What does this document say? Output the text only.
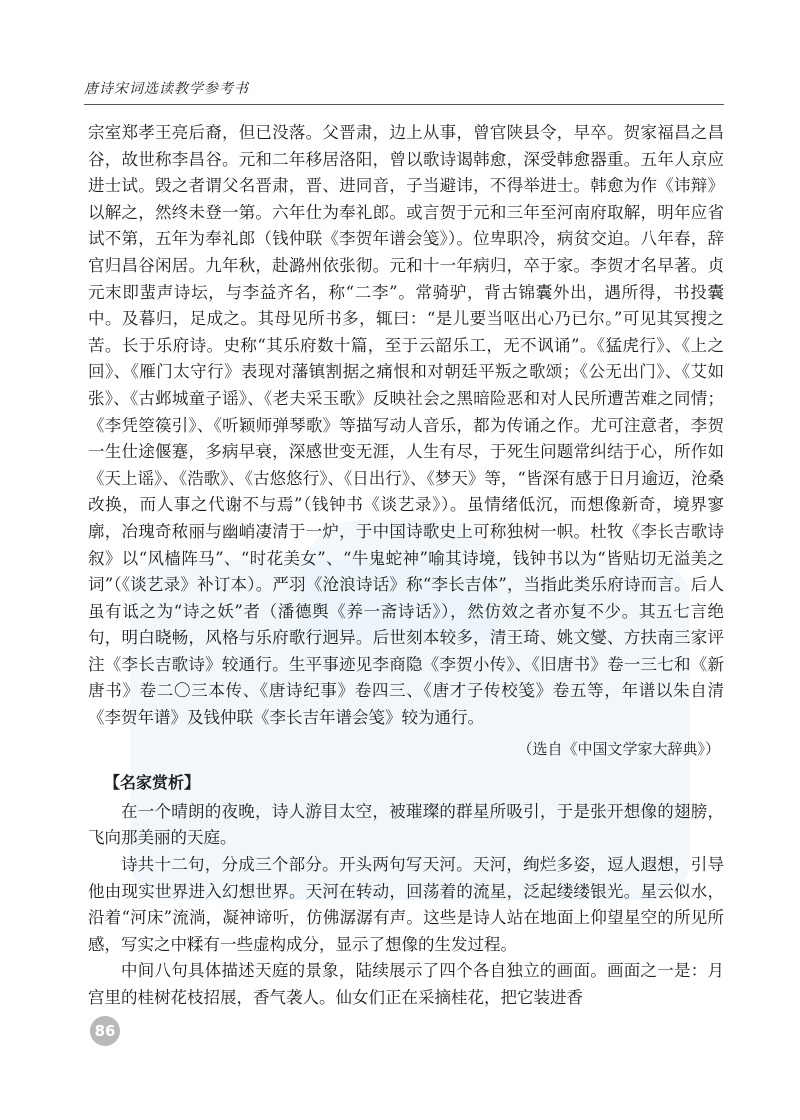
唐诗宋词选读教学参考书

宗室郑孝王亮后裔，但已没落。父晋肃，边上从事，曾官陕县令，早卒。贺家福昌之昌谷，故世称李昌谷。元和二年移居洛阳，曾以歌诗谒韩愈，深受韩愈器重。五年人京应进士试。毁之者谓父名晋肃，晋、进同音，子当避讳，不得举进士。韩愈为作《讳辩》以解之，然终未登一第。六年仕为奉礼郎。或言贺于元和三年至河南府取解，明年应省试不第，五年为奉礼郎（钱仲联《李贺年谱会笺》）。位卑职冷，病贫交迫。八年春，辞官归昌谷闲居。九年秋，赴潞州依张彻。元和十一年病归，卒于家。李贺才名早著。贞元末即蜚声诗坛，与李益齐名，称“二李”。常骑驴，背古锦囊外出，遇所得，书投囊中。及暮归，足成之。其母见所书多，辄曰：“是儿要当呕出心乃已尔。”可见其冥搜之苦。长于乐府诗。史称“其乐府数十篇，至于云韶乐工，无不讽诵”。《猛虎行》、《上之回》、《雁门太守行》表现对藩镇割据之痛恨和对朝廷平叛之歌颂；《公无出门》、《艾如张》、《古邺城童子谣》、《老夫采玉歌》反映社会之黑暗险恶和对人民所遭苦难之同情；《李凭箜篌引》、《听颖师弹琴歌》等描写动人音乐，都为传诵之作。尤可注意者，李贺一生仕途偃蹇，多病早衰，深感世变无涯，人生有尽，于死生问题常纠结于心，所作如《天上谣》、《浩歌》、《古悠悠行》、《日出行》、《梦天》等，“皆深有感于日月逾迈，沧桑改换，而人事之代谢不与焉”（钱钟书《谈艺录》）。虽情绪低沉，而想像新奇，境界寥廓，冶瑰奇秾丽与幽峭凄清于一炉，于中国诗歌史上可称独树一帜。杜牧《李长吉歌诗叙》以“风樯阵马”、“时花美女”、“牛鬼蛇神”喻其诗境，钱钟书以为“皆贴切无溢美之词”（《谈艺录》补订本）。严羽《沧浪诗话》称“李长吉体”，当指此类乐府诗而言。后人虽有诋之为“诗之妖”者（潘德舆《养一斋诗话》），然仿效之者亦复不少。其五七言绝句，明白晓畅，风格与乐府歌行迥异。后世刻本较多，清王琦、姚文燮、方扶南三家评注《李长吉歌诗》较通行。生平事迹见李商隐《李贺小传》、《旧唐书》卷一三七和《新唐书》卷二〇三本传、《唐诗纪事》卷四三、《唐才子传校笺》卷五等，年谱以朱自清《李贺年谱》及钱仲联《李长吉年谱会笺》较为通行。

（选自《中国文学家大辞典》）
【名家赏析】

在一个晴朗的夜晚，诗人游目太空，被璀璨的群星所吸引，于是张开想像的翅膀，飞向那美丽的天庭。

诗共十二句，分成三个部分。开头两句写天河。天河，绚烂多姿，逗人遐想，引导他由现实世界进入幻想世界。天河在转动，回荡着的流星，泛起缕缕银光。星云似水，沿着“河床”流淌，凝神谛听，仿佛潺潺有声。这些是诗人站在地面上仰望星空的所见所感，写实之中糅有一些虚构成分，显示了想像的生发过程。

中间八句具体描述天庭的景象，陆续展示了四个各自独立的画面。画面之一是：月宫里的桂树花枝招展，香气袭人。仙女们正在采摘桂花，把它装进香

86
